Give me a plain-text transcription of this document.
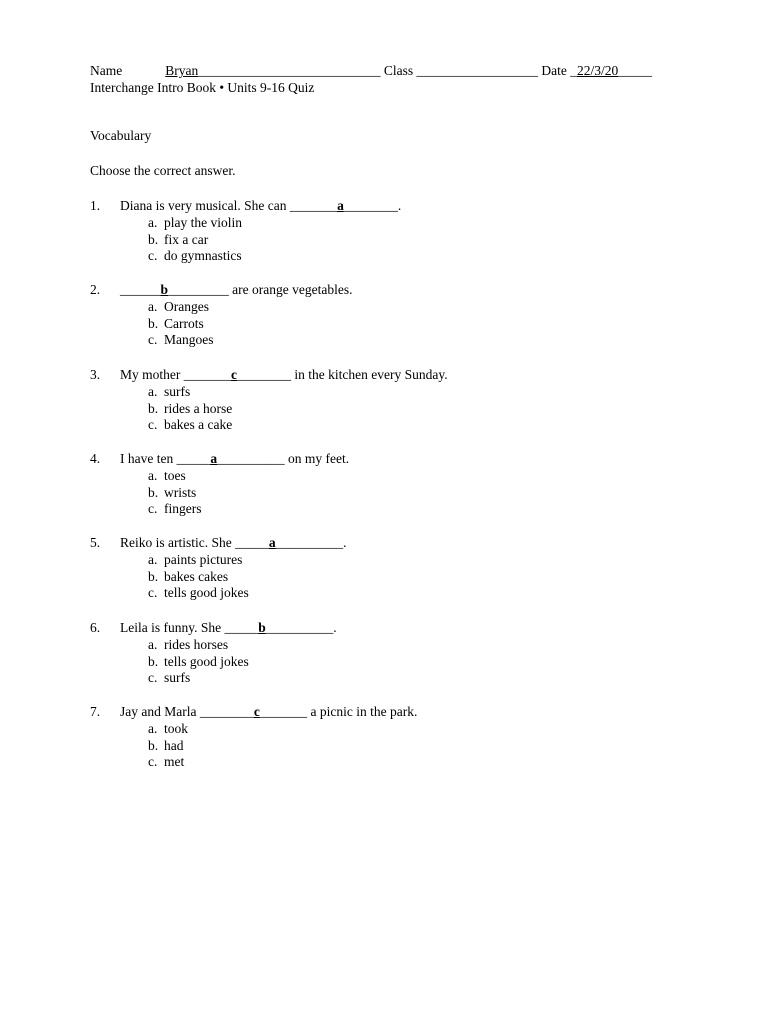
Name	Bryan___________________________ Class __________________ Date _22/3/20_____
Interchange Intro Book • Units 9-16 Quiz
Vocabulary
Choose the correct answer.
1. Diana is very musical. She can _______a________.
a. play the violin
b. fix a car
c. do gymnastics
2. ______b_________ are orange vegetables.
a. Oranges
b. Carrots
c. Mangoes
3. My mother _______c________ in the kitchen every Sunday.
a. surfs
b. rides a horse
c. bakes a cake
4. I have ten _____a__________ on my feet.
a. toes
b. wrists
c. fingers
5. Reiko is artistic. She _____a__________.
a. paints pictures
b. bakes cakes
c. tells good jokes
6. Leila is funny. She _____b__________.
a. rides horses
b. tells good jokes
c. surfs
7. Jay and Marla ________c_______ a picnic in the park.
a. took
b. had
c. met
